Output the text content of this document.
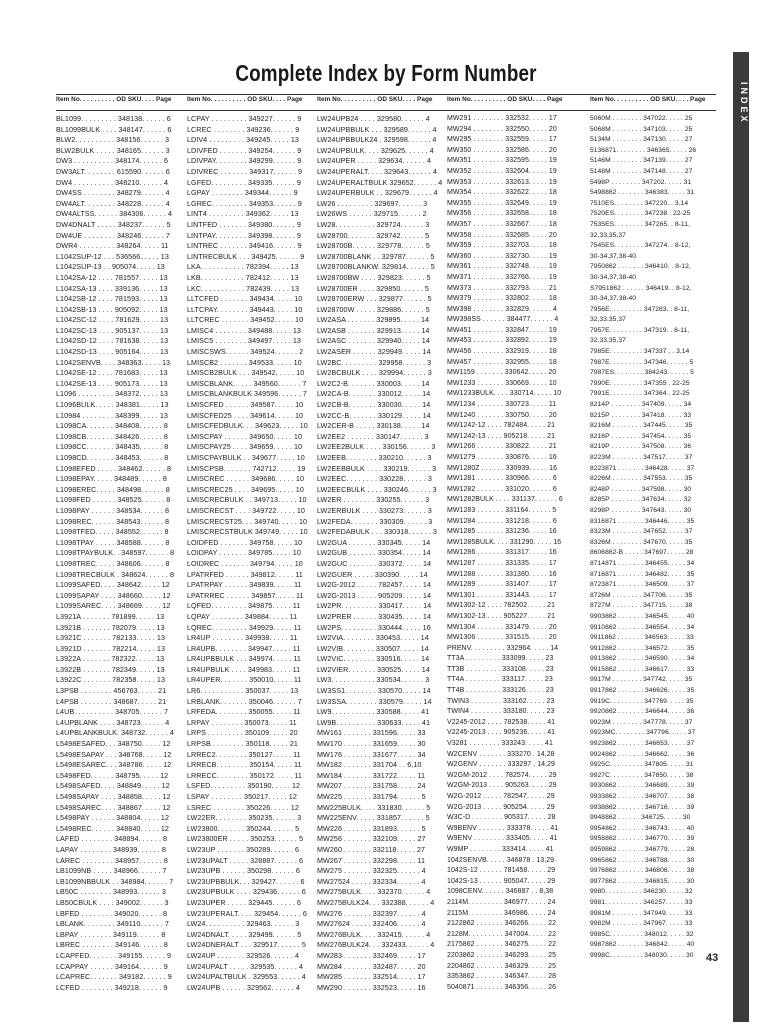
Complete Index by Form Number
Item No. . . . . . . . . . OD SKU. . . . Page Item No. . . . . . . . . . OD SKU. . . . Page Item No. . . . . . . . . . OD SKU. . . . Page Item No. . . . . . . . . . OD SKU. . . . Page	Item No. . . . . . . . . . OD SKU. . . . Page
BL1099. . . . . . . . . 348138. . . . . . 6
BL1099BULK . . . . 348147. . . . . . 6
BLW2. . . . . . . . . . 348156. . . . . . 3
BLW2BULK . . . . . 348165. . . . . . 3
DW3 . . . . . . . . . . 348174. . . . . . 6
DW3ALT. . . . . . . . 615590. . . . . . 6
DW4 . . . . . . . . . . 348210. . . . . . 4
DW4SS . . . . . . . . 348279. . . . . . 4
DW4ALT. . . . . . . . 348228. . . . . . 4
DW4ALTSS. . . . . . 384306. . . . . . 4
DW4DNALT . . . . . 348237. . . . . . 5
DW4UE . . . . . . . . 348246. . . . . . 7
DWR4 . . . . . . . . . 348264. . . . . 11
L1042SUP-12 . . . 536566. . . . . 13
L1042SUP-13 . . 905074. . . . . 13
L1042SA-12 . . . . 781557. . . . . 13
L1042SA-13 . . . . 339136. . . . . 13
L1042SB-12 . . . . 781593. . . . . 13
L1042SB-13 . . . . 905092. . . . . 13
L1042SC-12 . . . . 781629. . . . . 13
L1042SC-13 . . . . 905137. . . . . 13
L1042SD-12 . . . . 781638. . . . . 13
L1042SD-13 . . . . 905164. . . . . 13
L1042SENVB. . . . 348363. . . . . 13
L1042SE-12 . . . . 781683. . . . . 13
L1042SE-13 . . . . 905173. . . . . 13
L1096 . . . . . . . . . 348372. . . . . 13
L1096BULK. . . . . 348381. . . . . 13
L10984 . . . . . . . . 348399. . . . . 13
L1098CA. . . . . . . 348408. . . . . . 8
L1098CB. . . . . . . 348426. . . . . . 8
L1098CC. . . . . . . 348435. . . . . . 8
L1098CD. . . . . . . 348453. . . . . . 8
L1098EFED . . . . . 348462. . . . . . 8
L1098EPAY. . . . . 348489. . . . . . 8
L1098EREC. . . . . 348498. . . . . . 8
L1098FED . . . . . . 348525. . . . . . 8
L1098PAY . . . . . . 348534. . . . . . 8
L1098REC. . . . . . 348543. . . . . . 8
L1098TFED. . . . . 348552. . . . . . 8
L1098TPAY . . . . . 348588. . . . . . 8
L1098TPAYBULK. . 348597. . . . . . 8
L1098TREC. . . . . 348606. . . . . . 8
L1098TRECBULK . 348624. . . . . . 8
L1099SAFED. . . . 348642. . . . . 12
L1099SAPAY . . . . 348660. . . . . 12
L1099SAREC. . . . 348669. . . . . 12
L3921A . . . . . . . 781899. . . . . 13
L3921B . . . . . . . 782079. . . . . 13
L3921C . . . . . . . 782133. . . . . 13
L3921D . . . . . . . 782214. . . . . 13
L3922A . . . . . . . 782322. . . . . 13
L3922B . . . . . . . 782349. . . . . 13
L3922C . . . . . . . 782358. . . . . 13
L3PSB . . . . . . . . 456763. . . . . 21
L4PSB . . . . . . . . 348687. . . . . 21
L4UB. . . . . . . . . . 348705. . . . . . 7
L4UPBLANK . . . . 348723. . . . . . 4
L4UPBLANKBULK. 348732. . . . . . 4
L5498ESAFED. . . 348750. . . . . 12
L5498ESAPAY . . . 348768. . . . . 12
L5498ESAREC. . . 348786. . . . . 12
L5498FED. . . . . . 348795. . . . . 12
L5498SAFED. . . . 348849. . . . . 12
L5498SAPAY . . . . 348858. . . . . 12
L5498SAREC. . . . 348867. . . . . 12
L5498PAY . . . . . . 348804. . . . . 12
L5498REC. . . . . . 348840. . . . . 12
LAFED . . . . . . . . 348894. . . . . . 8
LAPAY . . . . . . . . 348939. . . . . . 8
LAREC . . . . . . . . 348957. . . . . . 8
LB1099NB . . . . . 348966. . . . . . 7
LB1099NBBULK . . 348984. . . . . . 7
LB50C . . . . . . . . 348993. . . . . . 3
LB50CBULK . . . . 349002. . . . . . 3
LBFED . . . . . . . . 349020. . . . . . 8
LBLANK. . . . . . . . 349110. . . . . . 7
LBPAY . . . . . . . . 349119. . . . . . 8
LBREC . . . . . . . . 349146. . . . . . 8
LCAPFED. . . . . . . 349155. . . . . . 9
LCAPPAY . . . . . . 349164. . . . . . 9
LCAPREC. . . . . . . 349182. . . . . . 9
LCFED . . . . . . . . 349218. . . . . . 9
LCPAY . . . . . . . . . 349227. . . . . . 9
LCREC . . . . . . . . 349236. . . . . . 9
LDIV4 . . . . . . . . . 349245. . . . . 13
LDIVFED . . . . . . . 349254. . . . . . 9
LDIVPAY. . . . . . . . 349299. . . . . . 9
LDIVREC . . . . . . . 349317. . . . . . 9
LGFED. . . . . . . . . 349335. . . . . . 9
LGPAY . . . . . . . . 349344. . . . . . 9
LGREC. . . . . . . . . 349353. . . . . . 9
LINT4 . . . . . . . . . 349362. . . . . 13
LINTFED . . . . . . . 349380. . . . . . 9
LINTPAY. . . . . . . . 349398. . . . . . 9
LINTREC . . . . . . . 349416. . . . . . 9
LINTRECBULK . . . 349425. . . . . . 9
LKA. . . . . . . . . . . 782394. . . . . 13
LKB. . . . . . . . . . . 782412. . . . . 13
LKC. . . . . . . . . . . 782439. . . . . 13
LLTCFED . . . . . . . 349434. . . . . 10
LLTCPAY. . . . . . . . 349443. . . . . 10
LLTCREC . . . . . . . 349452. . . . . 10
LMISC4 . . . . . . . . 349488. . . . . 13
LMISC5 . . . . . . . . 349497. . . . . 13
LMISCSWS. . . . . . 349524. . . . . . 2
LMISCB2 . . . . . . . 349533. . . . . 10
LMISCB2BULK . . . 349542. . . . . 10
LMISCBLANK. . . . . 349560. . . . . . 7
LMISCBLANKBULK 349596. . . . . . 7
LMISCFED . . . . . . 349587. . . . . 10
LMISCFED25 . . . . 349614. . . . . 10
LMISCFEDBULK. . . 349623. . . . . 10
LMISCPAY . . . . . . 349650. . . . . 10
LMISCPAY25 . . . . 349659. . . . . 10
LMISCPAYBULK . . 349677. . . . . 10
LMISCPSB. . . . . . . 742712. . . . . 19
LMISCREC . . . . . . 349686. . . . . 10
LMISCREC25 . . . . 349695. . . . . 10
LMISCRECBULK . . 349713. . . . . 10
LMISCRECST . . . . 349722. . . . . 10
LMISCRECST25. . . 349740. . . . . 10
LMISCRECSTBULK 349749. . . . . 10
LOIDFED . . . . . . . 349758. . . . . 10
LOIDPAY . . . . . . . 349785. . . . . 10
LOIDREC . . . . . . . 349794. . . . . 10
LPATRFED . . . . . . 349812. . . . . 11
LPATRPAY . . . . . . 349839. . . . . 11
LPATRREC . . . . . . 349857. . . . . 11
LQFED. . . . . . . . . 349875. . . . . 11
LQPAY . . . . . . . . 349884. . . . . 11
LQREC. . . . . . . . . 349929. . . . . 11
LR4UP . . . . . . . . 349938. . . . . 11
LR4UPB. . . . . . . . 349947. . . . . 11
LR4UPBBULK . . . 349974. . . . . 11
LR4UPBULK . . . . 349983. . . . . 11
LR4UPER. . . . . . . 350010. . . . . 11
LR6. . . . . . . . . . . 350037. . . . . 13
LRBLANK. . . . . . . 350046. . . . . . 7
LRFEDA. . . . . . . . 350055. . . . . 11
LRPAY . . . . . . . . 350073. . . . . 11
LRPS . . . . . . . . . 350109. . . . . 20
LRPSB . . . . . . . . 350118. . . . . 21
LRREC2. . . . . . . . 350127. . . . . 11
LRRECB. . . . . . . . 350154. . . . . 11
LRRECC. . . . . . . . 350172. . . . . 11
LSFED. . . . . . . . . 350190. . . . . 12
LSPAY . . . . . . . . 350217. . . . . 12
LSREC . . . . . . . . 350226. . . . . 12
LW22ER. . . . . . . . 350235. . . . . . 3
LW23800. . . . . . . 350244. . . . . . 5
LW23800ER . . . . . 350253. . . . . . 5
LW23UP . . . . . . . 350289. . . . . . 6
LW23UPALT . . . . . 328887. . . . . . 6
LW23UPB . . . . . . 350298. . . . . . 6
LW23UPBBULK. . . 329427. . . . . . 6
LW23UPBULK . . . . 329436. . . . . . 6
LW23UPER . . . . . 329445. . . . . . 6
LW23UPERALT. . . . 329454. . . . . . 6
LW24. . . . . . . . . . 329463. . . . . . 3
LW24DNALT. . . . . 329499. . . . . . 5
LW24DNERALT . . . 329517. . . . . . 5
LW24UP . . . . . . . 329526. . . . . . 4
LW24UPALT . . . . . 329535. . . . . . 4
LW24UPALTBULK . 329553. . . . . . 4
LW24UPB . . . . . . 329562. . . . . . 4
LW24UPB24 . . . . 329580. . . . . . 4
LW24UPBBULK . . . 329589. . . . . . 4
LW24UPBBULK24 . 329598. . . . . . 4
LW24UPBULK. . . . 329625. . . . . . 4
LW24UPER . . . . . 329634. . . . . . 4
LW24UPERALT. . . . 329643. . . . . . 4
LW24UPERALTBULK 329652. . . . . . 4
LW24UPERBULK . . 329679. . . . . . 4
LW26 . . . . . . . . . 329697. . . . . . 3
LW26WS . . . . . . 329715. . . . . . 2
LW28. . . . . . . . . . 329724. . . . . . 3
LW28700. . . . . . . 329742. . . . . . 5
LW28700B. . . . . . 329778. . . . . . 5
LW28700BLANK . . 329787. . . . . . 5
LW28700BLANKW. 329814. . . . . . 5
LW28700BW . . . . 329823. . . . . . 5
LW28700ER . . . . 329850. . . . . . 5
LW28700ERW . . . 329877. . . . . . 5
LW28700W . . . . . 329886. . . . . . 5
LW2ASA . . . . . . . 329895. . . . . 14
LW2ASB . . . . . . . 329913. . . . . 14
LW2ASC . . . . . . . 329940. . . . . 14
LW2ASER . . . . . . 329949. . . . . 14
LW2BC. . . . . . . . . 329958. . . . . . 3
LW2BCBULK . . . . 329994. . . . . . 3
LW2C2-B. . . . . . . 330003. . . . . 14
LW2CA-B. . . . . . . 330012. . . . . 14
LW2CB-B. . . . . . . 330030. . . . . 14
LW2CC-B. . . . . . . 330129. . . . . 14
LW2CER-B . . . . . 330138. . . . . 14
LW2EE2 . . . . . . . 330147. . . . . . 3
LW2EE2BULK . . . . 330156. . . . . . 3
LW2EEB. . . . . . . . 330210. . . . . . 3
LW2EEBBULK . . . . 330219. . . . . . 3
LW2EEC. . . . . . . . 330228. . . . . . 3
LW2EECBULK . . . . 330246. . . . . . 3
LW2ER . . . . . . . . 330255. . . . . . 3
LW2ERBULK . . . . 330273. . . . . . 3
LW2FEDA. . . . . . . 330309. . . . . . 3
LW2FEDABULK . . . 330318. . . . . . 3
LW2GUA . . . . . . . 330345. . . . . 14
LW2GUB . . . . . . . 330354. . . . . 14
LW2GUC . . . . . . . 330372. . . . . 14
LW2GUER . . . . . 330390. . . . . 14
LW2G-2012 . . . . . 782457. . . . . 14
LW2G-2013 . . . . . 905209. . . . . 14
LW2PR. . . . . . . . . 330417. . . . . 14
LW2PRER . . . . . . 330435. . . . . 14
LW2PS. . . . . . . . . 330444. . . . . 16
LW2VIA. . . . . . . . 330453. . . . . 14
LW2VIB. . . . . . . . 330507. . . . . 14
LW2VIC. . . . . . . . 330516. . . . . 14
LW2VIER. . . . . . . 330525. . . . . 14
LW3. . . . . . . . . . . 330534. . . . . . 3
LW3SS1. . . . . . . . 330570. . . . . 14
LW3SSA. . . . . . . . 330579. . . . . 14
LW9. . . . . . . . . . . 330588. . . . . 41
LW9B. . . . . . . . . . 330633. . . . . 41
MW161 . . . . . . . 331596. . . . . 33
MW170 . . . . . . . 331659. . . . . 30
MW176 . . . . . . . 331677. . . . . 34
MW182 . . . . . . . 331704 . . 6,10
MW184 . . . . . . . 331722. . . . . 11
MW207 . . . . . . . 331758. . . . . 24
MW225 . . . . . . . 331794. . . . . . 5
MW225BULK. . . . 331830. . . . . . 5
MW225ENV. . . . . 331857. . . . . . 5
MW226 . . . . . . . 331893. . . . . . 5
MW256 . . . . . . . 332109. . . . . 27
MW260 . . . . . . . 332118. . . . . 27
MW267 . . . . . . . 332298. . . . . 11
MW275 . . . . . . . 332325. . . . . . 4
MW27524 . . . . . 332334. . . . . . 4
MW275BULK. . . . 332370. . . . . . 4
MW275BULK24. . . 332388. . . . . . 4
MW276 . . . . . . . 332397. . . . . . 4
MW27624 . . . . . 332406. . . . . . 4
MW276BULK. . . . 332415. . . . . . 4
MW276BULK24. . . 332433. . . . . . 4
MW283 . . . . . . . 332469. . . . . 17
MW284 . . . . . . . 332487. . . . . 20
MW285 . . . . . . . 332514. . . . . 17
MW290 . . . . . . . 332523. . . . . 16
MW291 . . . . . . . . 332532. . . . . 17
MW294 . . . . . . . . 332550. . . . . 20
MW295 . . . . . . . . 332559. . . . . 17
MW350 . . . . . . . . 332586. . . . . 20
MW351 . . . . . . . . 332595. . . . . 19
MW352 . . . . . . . . 332604. . . . . 19
MW353 . . . . . . . . 332613. . . . . 19
MW354 . . . . . . . . 332622. . . . . 18
MW355 . . . . . . . . 332649. . . . . 19
MW356 . . . . . . . . 332658. . . . . 18
MW357 . . . . . . . . 332667. . . . . 18
MW358 . . . . . . . . 332685. . . . . 20
MW359 . . . . . . . . 332703. . . . . 18
MW360 . . . . . . . . 332730. . . . . 19
MW361 . . . . . . . . 332748. . . . . 19
MW371 . . . . . . . . 332766. . . . . 19
MW373 . . . . . . . . 332793. . . . . 21
MW379 . . . . . . . . 332802. . . . . 18
MW398 . . . . . . . . 332829. . . . . . 4
MW398SS . . . . . . 384477. . . . . . 4
MW451 . . . . . . . . 332847. . . . . 19
MW453 . . . . . . . . 332892. . . . . 19
MW456 . . . . . . . . 332919. . . . . 18
MW457 . . . . . . . . 332955. . . . . 18
MW1159 . . . . . . . 330642. . . . . 20
MW1233 . . . . . . . 330669. . . . . 10
MW1233BULK. . . . 330714. . . . . 10
MW1234 . . . . . . . 330723. . . . . 11
MW1240 . . . . . . . 330750. . . . . 20
MW1242-12 . . . . 782484. . . . . 21
MW1242-13 . . . . 905218. . . . . 21
MW1266 . . . . . . . 330822. . . . . 21
MW1279 . . . . . . . 330876. . . . . 16
MW1280Z . . . . . . 330939. . . . . 16
MW1281 . . . . . . . 330966. . . . . . 6
MW1282 . . . . . . . 331020. . . . . . 6
MW1282BULK . . . . 331137. . . . . . 6
MW1283 . . . . . . . 331164. . . . . . 5
MW1284 . . . . . . . 331218. . . . . . 6
MW1285 . . . . . . . 331236. . . . . 16
MW1285BULK. . . . 331290. . . . . 16
MW1286 . . . . . . . 331317. . . . . 16
MW1287 . . . . . . . 331335. . . . . 17
MW1288 . . . . . . . 331380. . . . . 16
MW1289 . . . . . . . 331407. . . . . 17
MW1301 . . . . . . . 331443. . . . . 17
MW1302-12 . . . . 782502. . . . . 21
MW1302-13 . . . . 905227. . . . . 21
MW1304 . . . . . . . 331479. . . . . 20
MW1306 . . . . . . . 331515. . . . . 20
PRENV. . . . . . . . . 332964. . . . . 14
TT3A . . . . . . . . . 333099. . . . . 23
TT3B . . . . . . . . . 333108. . . . . 23
TT4A . . . . . . . . . 333117. . . . . 23
TT4B . . . . . . . . . 333126. . . . . 23
TWIN3 . . . . . . . . 333162. . . . . 23
TWIN4 . . . . . . . . 333180. . . . . 23
V2245-2012 . . . . 782538. . . . . 41
V2245-2013 . . . . 905236. . . . . 41
V3281 . . . . . . . . 333243. . . . . 41
W2CENV . . . . . . . 333270 . 14,28
W2GENV . . . . . . . 333297 . 14,29
W2GM-2012 . . . . 782574. . . . . 29
W2GM-2013 . . . . 905263. . . . . 29
W2G-2012 . . . . . 782547. . . . . 29
W2G-2013 . . . . . 905254. . . . . 29
W3C-D . . . . . . . . 905317. . . . . 28
W9BENV . . . . . . . 333378. . . . . 41
W9ENV . . . . . . . . 333405. . . . . 41
W9MP . . . . . . . . 333414. . . . . 41
1042SENVB. . . . . 346878 . 13,29
1042S-12 . . . . . . 781458. . . . . 29
1042S-13 . . . . . . 905047. . . . . 29
1098CENV. . . . . . 346887 . . 8,38
2114M. . . . . . . . . 346977. . . . . 24
2115M. . . . . . . . . 346986. . . . . 24
2122862 . . . . . . . 346266. . . . . 22
2128M. . . . . . . . . 347004. . . . . 22
2175862 . . . . . . . 346275. . . . . 22
2203862 . . . . . . . 346293. . . . . 25
2204862 . . . . . . . 346329. . . . . 25
3353862 . . . . . . . 346347. . . . . 28
5040871 . . . . . . . 346356. . . . . 26
5060M . . . . . . . . 347022. . . . . 25
5068M . . . . . . . . 347103. . . . . 25
5134M . . . . . . . . 347130. . . . . 27
5136871. . . . . . . . 346365. . . . . 26
5146M . . . . . . . . 347139. . . . . 27
5148M . . . . . . . . 347148. . . . . 27
5498P . . . . . . . . 347202. . . . . 31
5498862 . . . . . . . 346383. . . . . 31
7510ES. . . . . . . . 347220. . 3,14
7520ES. . . . . . . . 347238 . 22-25
7535ES. . . . . . . . 347265. . 8-11,
32,33,35,37
7545ES. . . . . . . . 347274. . 8-12,
30-34,37,38-40
7950862 . . . . . . . 346410. . 8-12,
30-34,37,38-40
S7951862 . . . . . . 346419. . 8-12,
30-34,37,38-40
7956E. . . . . . . . . 347283. . 8-11,
32,33,35,37
7957E. . . . . . . . . 347319. . 8-11,
32,33,35,37
7985E. . . . . . . . . 347337 . . 3,14
7987E. . . . . . . . . 347346. . . . . . 5
7987ES. . . . . . . . 384243. . . . . . 5
7990E. . . . . . . . . 347355 . 22-25
7991E. . . . . . . . . 347364 . 22-25
8214P . . . . . . . . 347409. . . . . 34
8215P . . . . . . . . 347418. . . . . 33
8216M . . . . . . . . 347445. . . . . 35
8216P . . . . . . . . 347454. . . . . 35
8219P . . . . . . . . 347508. . . . . 36
8223M . . . . . . . . 347517. . . . . 37
8223871 . . . . . . . 346428. . . . . 37
8226M . . . . . . . . 347553. . . . . 35
8248P . . . . . . . . 347598. . . . . 30
8285P . . . . . . . . 347634. . . . . 32
8298P . . . . . . . . 347643. . . . . 30
8316871 . . . . . . . 346446. . . . . 35
8323M . . . . . . . . 347652. . . . . 37
8326M . . . . . . . . 347670. . . . . 35
8606862-B . . . . . 347697. . . . . 28
8714871 . . . . . . . 346455. . . . . 34
8716871 . . . . . . . 346482. . . . . 35
8723871 . . . . . . . 346509. . . . . 37
8726M . . . . . . . . 347706. . . . . 35
8727M . . . . . . . . 347715. . . . . 38
9903862 . . . . . . . 346545. . . . . 40
9910862 . . . . . . . 346554. . . . . 34
9911862 . . . . . . . 346563. . . . . 33
9912862 . . . . . . . 346572. . . . . 35
9913862 . . . . . . . 346590. . . . . 34
9915862 . . . . . . . 346617. . . . . 33
9917M . . . . . . . . 347742. . . . . 35
9917862 . . . . . . . 346626. . . . . 35
9919C. . . . . . . . . 347769. . . . . 35
9920862 . . . . . . . 346644. . . . . 36
9923M . . . . . . . . 347778. . . . . 37
9923MC. . . . . . . . 347796. . . . . 37
9923862 . . . . . . . 346653. . . . . 37
9924862 . . . . . . . 346662. . . . . 36
9925C. . . . . . . . . 347805. . . . . 31
9927C. . . . . . . . . 347850. . . . . 38
9930862 . . . . . . . 346689. . . . . 39
9933862 . . . . . . . 346707. . . . . 38
9938862 . . . . . . . 346716. . . . . 39
9948862 . . . . . . 346725. . . . . 30
9954862 . . . . . . . 346743. . . . . 40
9958862 . . . . . . . 346770. . . . . 39
9959862 . . . . . . . 346779. . . . . 28
9965862 . . . . . . . 346788. . . . . 30
9976862 . . . . . . . 346806. . . . . 38
9977862 . . . . . . . 346815. . . . . 30
9980. . . . . . . . . . 346230. . . . . 32
9981. . . . . . . . . . 346257. . . . . 33
9981M . . . . . . . . 347949. . . . . 33
9982M . . . . . . . . 347967. . . . . 33
9985C. . . . . . . . . 348012. . . . . 32
9987862 . . . . . . . 346842. . . . . 40
9998C. . . . . . . . . 348030. . . . . 30
INDEX
43
